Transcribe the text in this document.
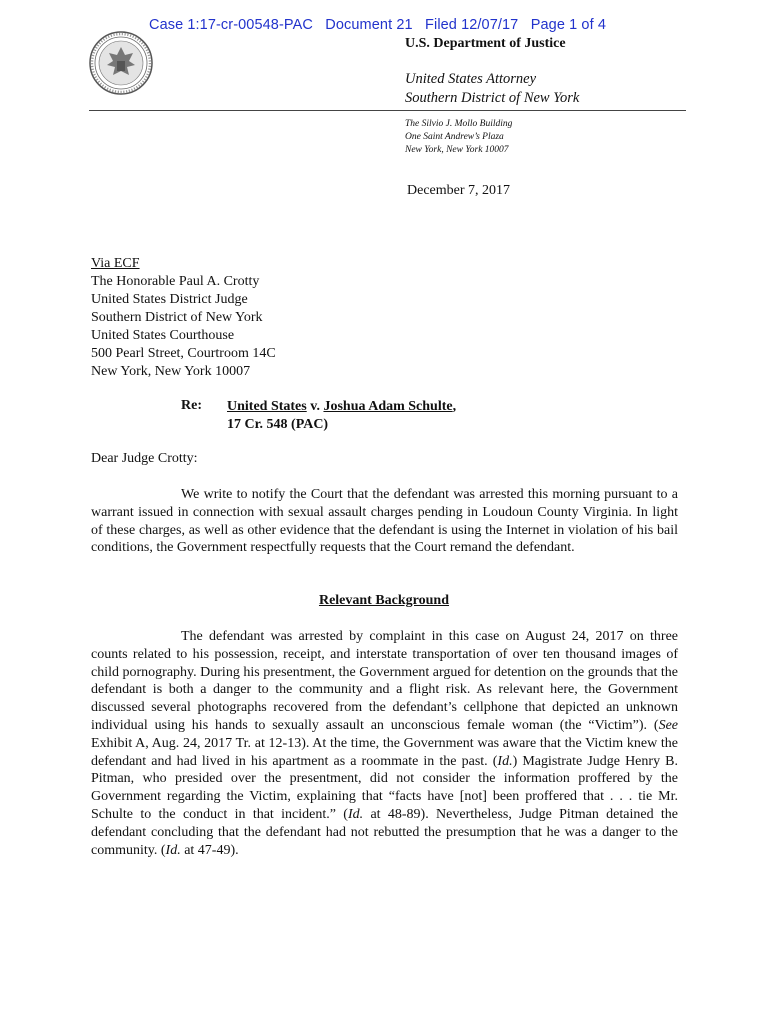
Case 1:17-cr-00548-PAC   Document 21   Filed 12/07/17   Page 1 of 4
U.S. Department of Justice
United States Attorney
Southern District of New York
The Silvio J. Mollo Building
One Saint Andrew’s Plaza
New York, New York 10007
December 7, 2017
Via ECF
The Honorable Paul A. Crotty
United States District Judge
Southern District of New York
United States Courthouse
500 Pearl Street, Courtroom 14C
New York, New York 10007
Re: United States v. Joshua Adam Schulte,
17 Cr. 548 (PAC)
Dear Judge Crotty:

We write to notify the Court that the defendant was arrested this morning pursuant to a warrant issued in connection with sexual assault charges pending in Loudoun County Virginia. In light of these charges, as well as other evidence that the defendant is using the Internet in violation of his bail conditions, the Government respectfully requests that the Court remand the defendant.

Relevant Background

The defendant was arrested by complaint in this case on August 24, 2017 on three counts related to his possession, receipt, and interstate transportation of over ten thousand images of child pornography. During his presentment, the Government argued for detention on the grounds that the defendant is both a danger to the community and a flight risk. As relevant here, the Government discussed several photographs recovered from the defendant’s cellphone that depicted an unknown individual using his hands to sexually assault an unconscious female woman (the “Victim”). (See Exhibit A, Aug. 24, 2017 Tr. at 12-13). At the time, the Government was aware that the Victim knew the defendant and had lived in his apartment as a roommate in the past. (Id.) Magistrate Judge Henry B. Pitman, who presided over the presentment, did not consider the information proffered by the Government regarding the Victim, explaining that “facts have [not] been proffered that . . . tie Mr. Schulte to the conduct in that incident.” (Id. at 48-89). Nevertheless, Judge Pitman detained the defendant concluding that the defendant had not rebutted the presumption that he was a danger to the community. (Id. at 47-49).
